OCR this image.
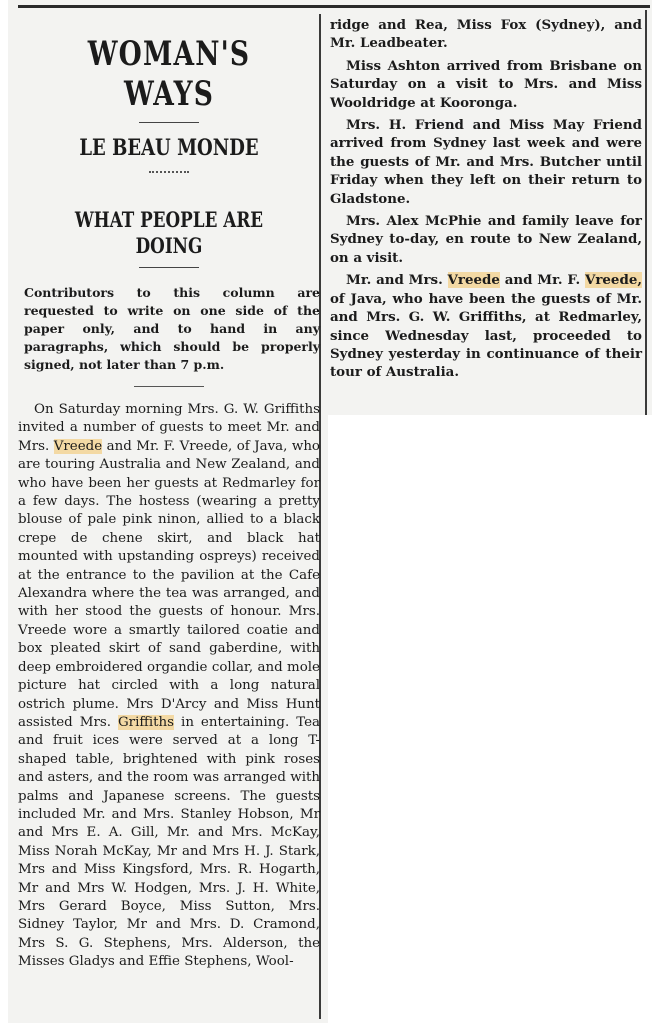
WOMAN'S WAYS
LE BEAU MONDE
WHAT PEOPLE ARE DOING
Contributors to this column are requested to write on one side of the paper only, and to hand in any paragraphs, which should be properly signed, not later than 7 p.m.

On Saturday morning Mrs. G. W. Griffiths invited a number of guests to meet Mr. and Mrs. Vreede and Mr. F. Vreede, of Java, who are touring Australia and New Zealand, and who have been her guests at Redmarley for a few days. The hostess (wearing a pretty blouse of pale pink ninon, allied to a black crepe de chene skirt, and black hat mounted with upstanding ospreys) received at the entrance to the pavilion at the Cafe Alexandra where the tea was arranged, and with her stood the guests of honour. Mrs. Vreede wore a smartly tailored coatie and box pleated skirt of sand gaberdine, with deep embroidered organdie collar, and mole picture hat circled with a long natural ostrich plume. Mrs D'Arcy and Miss Hunt assisted Mrs. Griffiths in entertaining. Tea and fruit ices were served at a long T-shaped table, brightened with pink roses and asters, and the room was arranged with palms and Japanese screens. The guests included Mr. and Mrs. Stanley Hobson, Mr and Mrs E. A. Gill, Mr. and Mrs. McKay, Miss Norah McKay, Mr and Mrs H. J. Stark, Mrs and Miss Kingsford, Mrs. R. Hogarth, Mr and Mrs W. Hodgen, Mrs. J. H. White, Mrs Gerard Boyce, Miss Sutton, Mrs. Sidney Taylor, Mr and Mrs. D. Cramond, Mrs S. G. Stephens, Mrs. Alderson, the Misses Gladys and Effie Stephens, Wool-

ridge and Rea, Miss Fox (Sydney), and Mr. Leadbeater.

Miss Ashton arrived from Brisbane on Saturday on a visit to Mrs. and Miss Wooldridge at Kooronga.

Mrs. H. Friend and Miss May Friend arrived from Sydney last week and were the guests of Mr. and Mrs. Butcher until Friday when they left on their return to Gladstone.

Mrs. Alex McPhie and family leave for Sydney to-day, en route to New Zealand, on a visit.

Mr. and Mrs. Vreede and Mr. F. Vreede, of Java, who have been the guests of Mr. and Mrs. G. W. Griffiths, at Redmarley, since Wednesday last, proceeded to Sydney yesterday in continuance of their tour of Australia.
